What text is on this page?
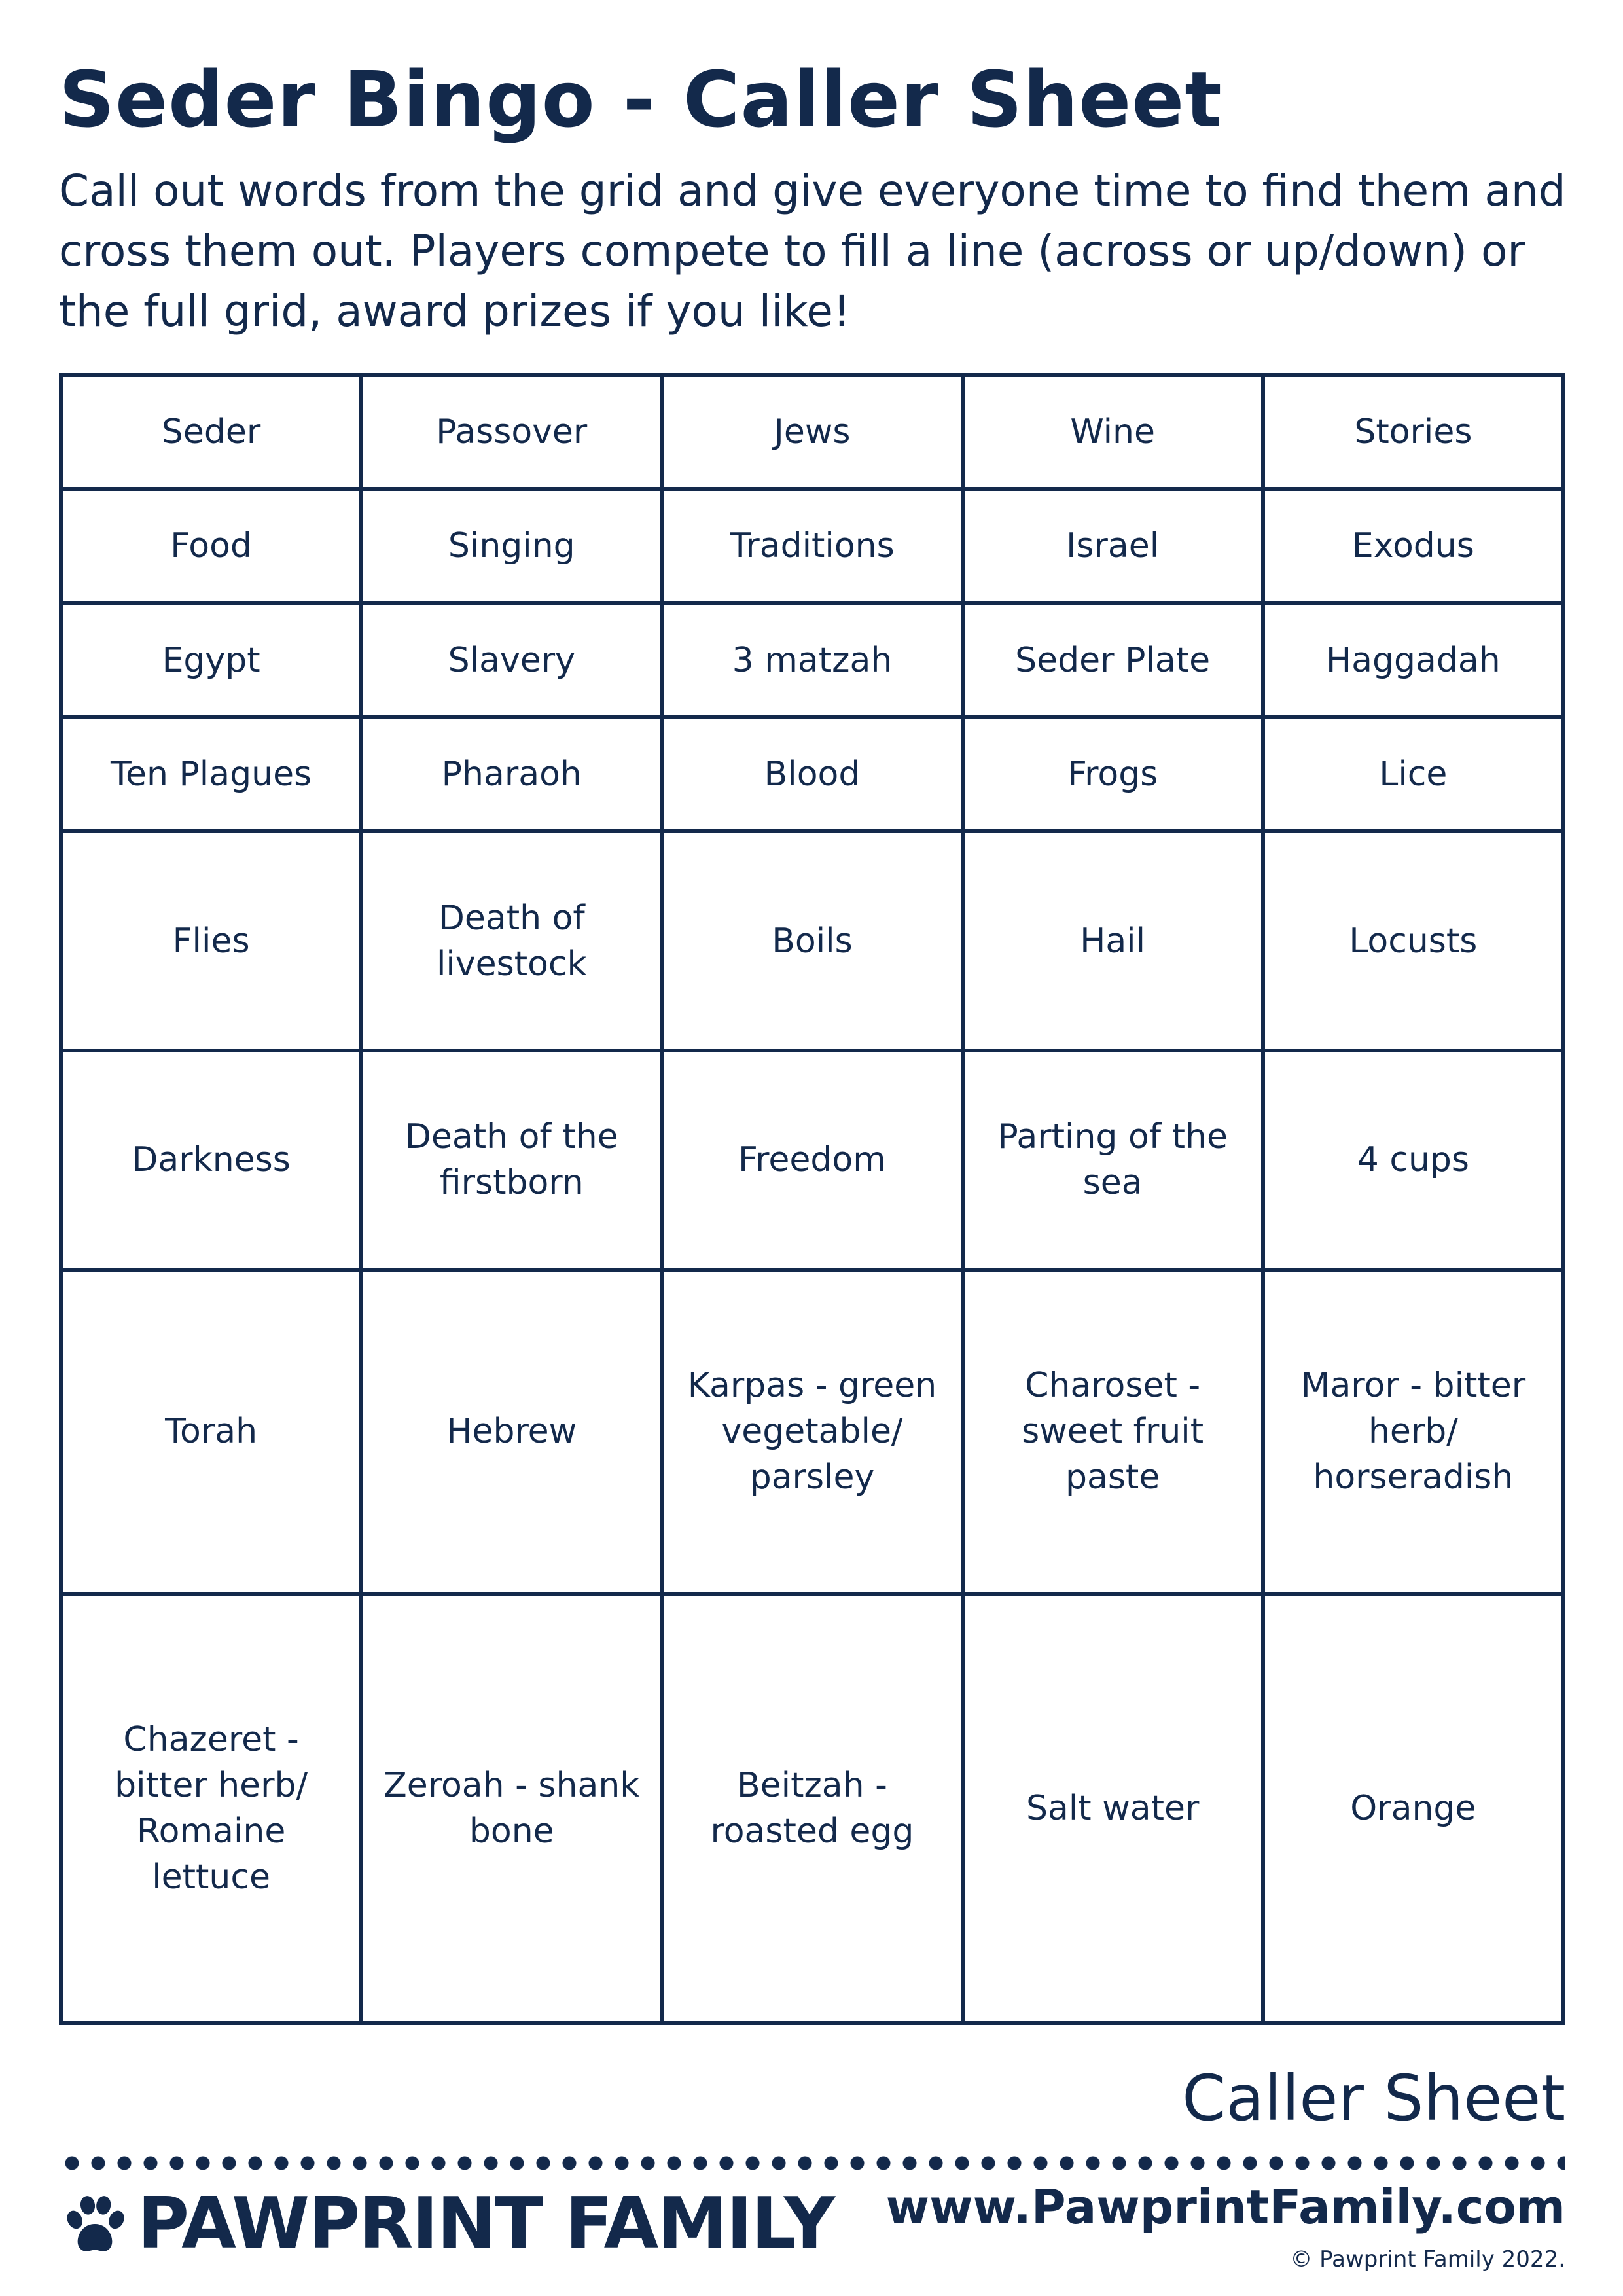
Seder Bingo - Caller Sheet
Call out words from the grid and give everyone time to find them and cross them out. Players compete to fill a line (across or up/down) or the full grid, award prizes if you like!
Seder	Passover	Jews	Wine	Stories
Food	Singing	Traditions	Israel	Exodus
Egypt	Slavery	3 matzah	Seder Plate	Haggadah
Ten Plagues	Pharaoh	Blood	Frogs	Lice
Flies	Death of livestock	Boils	Hail	Locusts
Darkness	Death of the firstborn	Freedom	Parting of the sea	4 cups
Torah	Hebrew	Karpas - green vegetable/ parsley	Charoset - sweet fruit paste	Maror - bitter herb/ horseradish
Chazeret - bitter herb/ Romaine lettuce	Zeroah - shank bone	Beitzah - roasted egg	Salt water	Orange
Caller Sheet
PAWPRINT FAMILY www.PawprintFamily.com
© Pawprint Family 2022.
